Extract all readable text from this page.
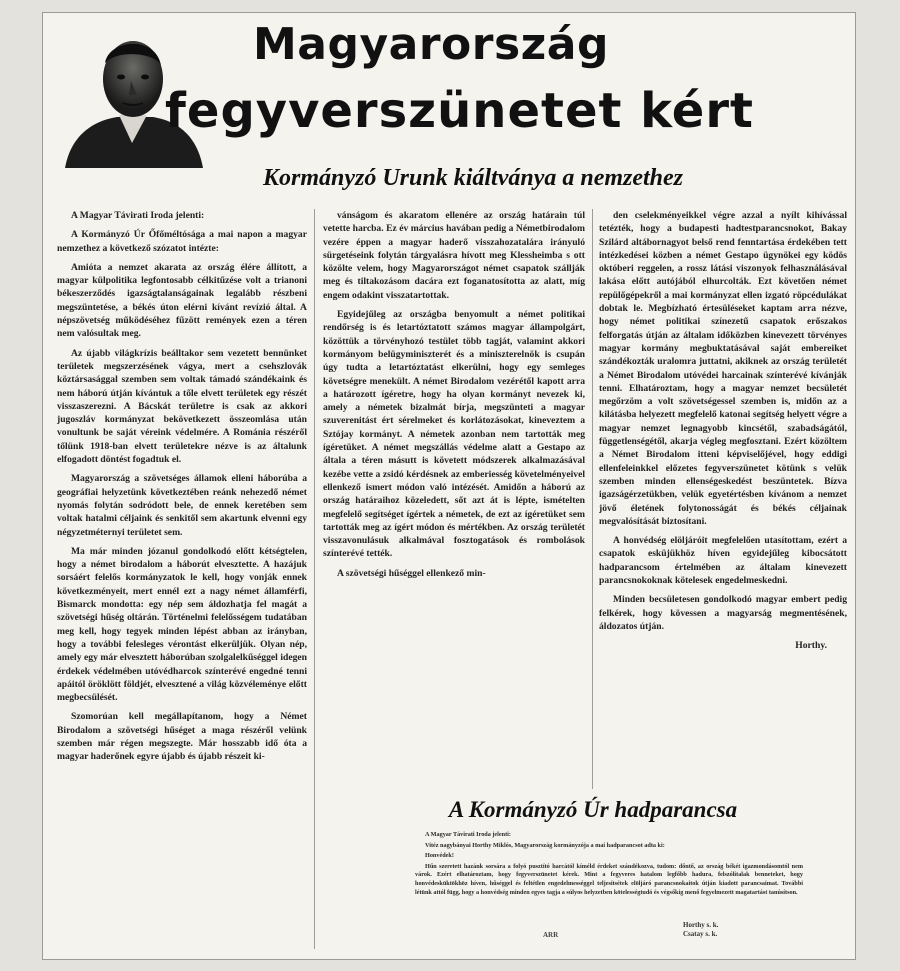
Magyarország
fegyverszünetet kért
Kormányzó Urunk kiáltványa a nemzethez

A Magyar Távirati Iroda jelenti:

A Kormányzó Úr Őfőméltósága a mai napon a magyar nemzethez a következő szózatot intézte:

Amióta a nemzet akarata az ország élére állított, a magyar külpolitika legfontosabb célkitűzése volt a trianoni békeszerződés igazságtalanságainak legalább részbeni megszüntetése, a békés úton elérni kívánt revízió által. A népszövetség működéséhez fűzött remények ezen a téren nem valósultak meg.

Az újabb világkrízis beálltakor sem vezetett bennünket területek megszerzésének vágya, mert a csehszlovák köztársasággal szemben sem voltak támadó szándékaink és nem háború útján kívántuk a tőle elvett területek egy részét visszaszerezni. A Bácskát területre is csak az akkori jugoszláv kormányzat bekövetkezett összeomlása után vonultunk be saját véreink védelmére. A Románia részéről tőlünk 1918-ban elvett területekre nézve is az általunk elfogadott döntést fogadtuk el.

Magyarország a szövetséges államok elleni háborúba a geográfiai helyzetünk következtében reánk nehezedő német nyomás folytán sodródott bele, de ennek keretében sem voltak hatalmi céljaink és senkitől sem akartunk elvenni egy négyzetméternyi területet sem.

Ma már minden józanul gondolkodó előtt kétségtelen, hogy a német birodalom a háborút elvesztette. A hazájuk sorsáért felelős kormányzatok le kell, hogy vonják ennek következményeit, mert ennél ezt a nagy német államférfi, Bismarck mondotta: egy nép sem áldozhatja fel magát a szövetségi hűség oltárán. Történelmi felelősségem tudatában meg kell, hogy tegyek minden lépést abban az irányban, hogy a további felesleges vérontást elkerüljük. Olyan nép, amely egy már elvesztett háborúban szolgalelkűséggel idegen érdekek védelmében utóvédharcok színterévé engedné tenni apáitól öröklött földjét, elvesztené a világ közvéleménye előtt megbecsülését.

Szomorúan kell megállapítanom, hogy a Német Birodalom a szövetségi hűséget a maga részéről velünk szemben már régen megszegte. Már hosszabb idő óta a magyar haderőnek egyre újabb és újabb részeit ki-

vánságom és akaratom ellenére az ország határain túl vetette harcba. Ez év március havában pedig a Németbirodalom vezére éppen a magyar haderő visszahozatalára irányuló sürgetéseink folytán tárgyalásra hívott meg Klessheimba s ott közölte velem, hogy Magyarországot német csapatok szállják meg és tiltakozásom dacára ezt foganatosította az alatt, míg engem odakint visszatartottak.

Egyidejűleg az országba benyomult a német politikai rendőrség is és letartóztatott számos magyar állampolgárt, közöttük a törvényhozó testület több tagját, valamint akkori kormányom belügyminiszterét és a miniszterelnök is csupán úgy tudta a letartóztatást elkerülni, hogy egy semleges követségre menekült. A német Birodalom vezérétől kapott arra a határozott ígéretre, hogy ha olyan kormányt nevezek ki, amely a németek bizalmát bírja, megszünteti a magyar szuverenitást ért sérelmeket és korlátozásokat, kineveztem a Sztójay kormányt. A németek azonban nem tartották meg ígéretüket. A német megszállás védelme alatt a Gestapo az általa a téren másutt is követett módszerek alkalmazásával kezébe vette a zsidó kérdésnek az emberiesség követelményeivel ellenkező ismert módon való intézését. Amidőn a háború az ország határaihoz közeledett, sőt azt át is lépte, ismételten megfelelő segítséget ígértek a németek, de ezt az ígéretüket sem tartották meg az ígért módon és mértékben. Az ország területét visszavonulásuk alkalmával fosztogatások és rombolások színterévé tették.

A szövetségi hűséggel ellenkező min-

den cselekményeikkel végre azzal a nyílt kihívással tetézték, hogy a budapesti hadtestparancsnokot, Bakay Szilárd altábornagyot belső rend fenntartása érdekében tett intézkedései közben a német Gestapo ügynökei egy ködös októberi reggelen, a rossz látási viszonyok felhasználásával lakása előtt autójából elhurcolták. Ezt követően német repülőgépekről a mai kormányzat ellen izgató röpcédulákat dobtak le. Megbízható értesüléseket kaptam arra nézve, hogy német politikai színezetű csapatok erőszakos felforgatás útján az általam időközben kinevezett törvényes magyar kormány megbuktatásával saját embereiket szándékozták uralomra juttatni, akiknek az ország területét a Német Birodalom utóvédei harcainak színterévé kívánják tenni. Elhatároztam, hogy a magyar nemzet becsületét megőrzöm a volt szövetségessel szemben is, midőn az a kilátásba helyezett megfelelő katonai segítség helyett végre a magyar nemzet legnagyobb kincsétől, szabadságától, függetlenségétől, akarja végleg megfosztani. Ezért közöltem a Német Birodalom itteni képviselőjével, hogy eddigi ellenfeleinkkel előzetes fegyverszünetet kötünk s velük szemben minden ellenségeskedést beszüntetek. Bízva igazságérzetükben, velük egyetértésben kívánom a nemzet jövő életének folytonosságát és békés céljainak megvalósítását biztosítani.

A honvédség elöljáróit megfelelően utasítottam, ezért a csapatok esküjükhöz híven egyidejűleg kibocsátott hadparancsom értelmében az általam kinevezett parancsnokoknak kötelesek engedelmeskedni.

Minden becsületesen gondolkodó magyar embert pedig felkérek, hogy kövessen a magyarság megmentésének, áldozatos útján.

Horthy.

A Kormányzó Úr hadparancsa

A Magyar Távirati Iroda jelenti:

Vitéz nagybányai Horthy Miklós, Magyarország kormányzója a mai hadparancsot adta ki:

Honvédek!

Hűn szeretett hazánk sorsára a folyó pusztító harcától kíméld érdeket szándékozva, tudom: dőntő, az ország békét igazmondásomtól nem várok. Ezért elhatároztam, hogy fegyverszünetet kérek. Mint a fegyveres hatalom legfőbb hadura, felszólítalak benneteket, hogy honvédesküktökhöz híven, hűséggel és feltétlen engedelmességgel teljesítsétek elöljáró parancsnokaitok útján kiadott parancsaimat. További létünk attól függ, hogy a honvédség minden egyes tagja a súlyos helyzetben kötelességtudó és végsőkig menő fegyelmezett magatartást tanúsítson.

ARR
Horthy s. k.
Csatay s. k.
